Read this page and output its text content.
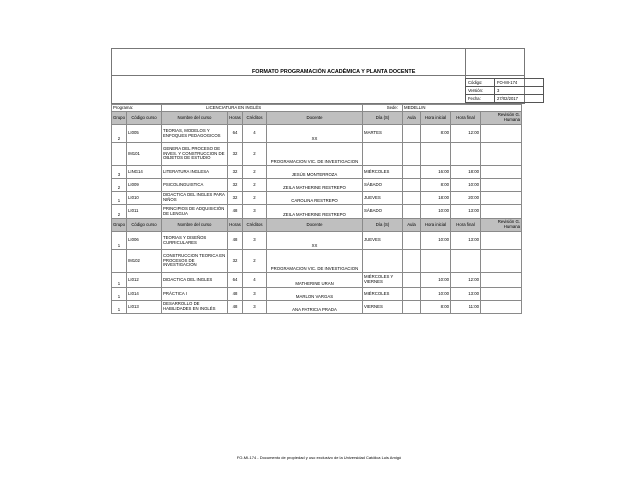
FORMATO PROGRAMACIÓN ACADÉMICA Y PLANTA DOCENTE
Código:	FO-MI-174
Versión:	3
Fecha:	27/02/2017
Programa:		LICENCIATURA EN INGLÉS				Sede:	MEDELLIN			
Grupo	Código curso	Nombre del curso	Horas	Créditos	Docente	Día (S)	Aula	Hora inicial	Hora final	Revisión G. Humana
2	LI005	TEORIAS, MODELOS Y ENFOQUES PEDAGOGICOS	64	4	XX	MARTES		8:00	12:00	
	IM101	GENERA DEL PROCESO DE INVES. Y CONSTRUCCION DE OBJETOS DE ESTUDIO	32	2	PROGRAMACION VIC. DE INVESTIGACION					
3	LING14	LITERATURA INGLESA	32	2	JESÚS MONTERROZA	MIÉRCOLES		16:00	18:00	
2	LI009	PSICOLINGUISTICA	32	2	ZEILA MATHERINE RESTREPO	SÁBADO		8:00	10:00	
1	LI010	DIDACTICA DEL INGLES PARA NIÑOS	32	2	CAROLINA RESTREPO	JUEVES		18:00	20:00	
2	LI011	PRINCIPIOS DE ADQUISICIÓN DE LENGUA	48	3	ZEILA MATHERINE RESTREPO	SÁBADO		10:00	13:00	
Grupo	Código curso	Nombre del curso	Horas	Créditos	Docente	Día (S)	Aula	Hora inicial	Hora final	Revisión G. Humana
1	LI006	TEORIAS Y DISEÑOS CURRICULARES	48	3	XX	JUEVES		10:00	13:00	
	IM102	CONSTRUCCION TEORICA EN PROCESOS DE INVESTIGACION	32	2	PROGRAMACION VIC. DE INVESTIGACION					
1	LI012	DIDACTICA DEL INGLES	64	4	MATHERINE URAN	MIÉRCOLES Y VIERNES		10:00	12:00	
1	LI014	PRÁCTICA I	48	3	MARLON VARGAS	MIÉRCOLES		10:00	13:00	
1	LI013	DESARROLLO DE HABILIDADES EN INGLÉS	48	3	ANA PATRICIA PRADA	VIERNES		8:00	11:00	
FO-MI-174 - Documento de propiedad y uso exclusivo de la Universidad Católica Luis Amigó
